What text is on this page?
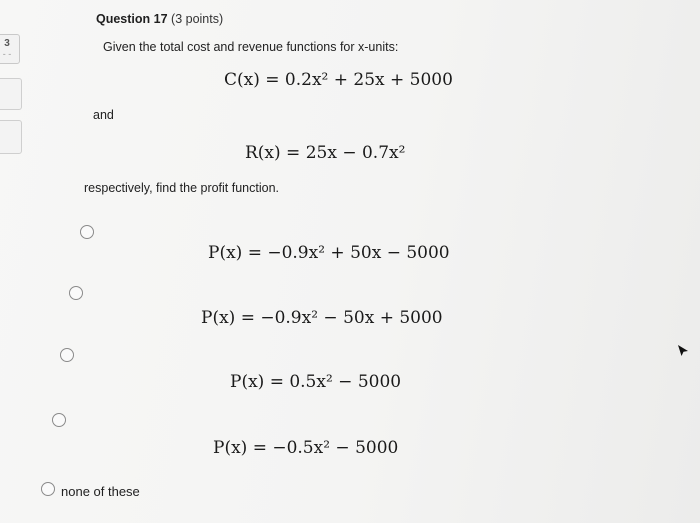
3
- -
Question 17 (3 points)
Given the total cost and revenue functions for x-units:
C(x) = 0.2x² + 25x + 5000
and
R(x) = 25x − 0.7x²
respectively, find the profit function.
P(x) = −0.9x² + 50x − 5000
P(x) = −0.9x² − 50x + 5000
P(x) = 0.5x² − 5000
P(x) = −0.5x² − 5000
none of these
